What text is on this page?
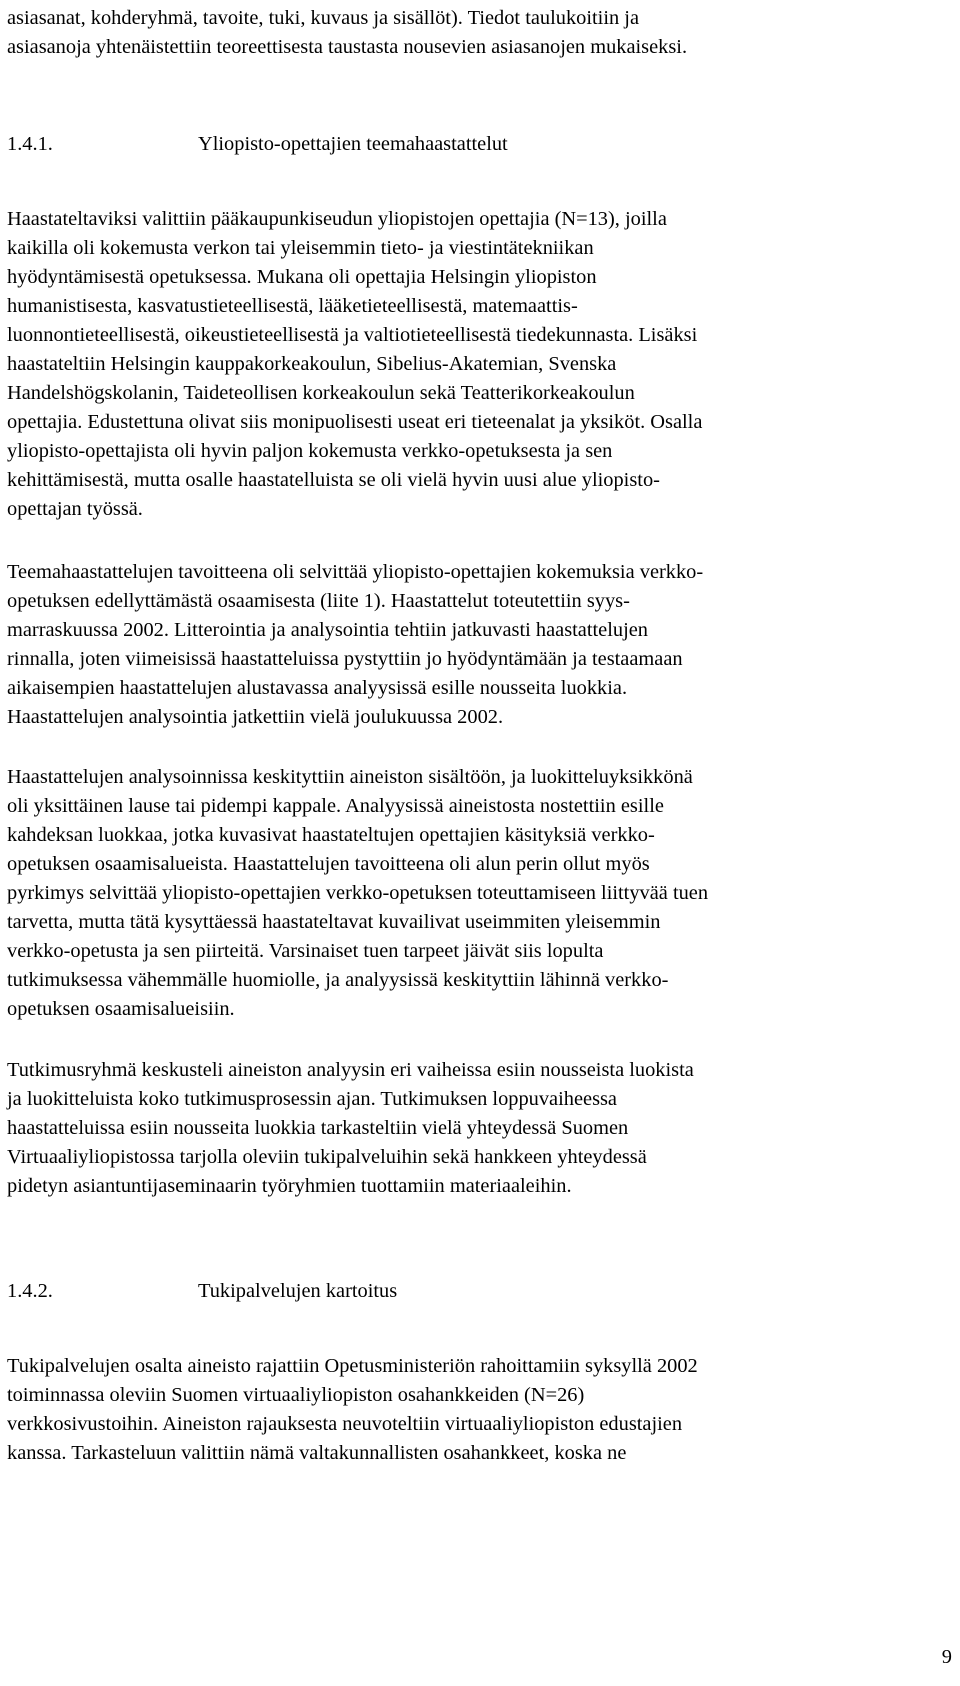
asiasanat, kohderyhmä, tavoite, tuki, kuvaus ja sisällöt). Tiedot taulukoitiin ja
asiasanoja yhtenäistettiin teoreettisesta taustasta nousevien asiasanojen mukaiseksi.

1.4.1.	Yliopisto-opettajien teemahaastattelut

Haastateltaviksi valittiin pääkaupunkiseudun yliopistojen opettajia (N=13), joilla
kaikilla oli kokemusta verkon tai yleisemmin tieto- ja viestintätekniikan
hyödyntämisestä opetuksessa. Mukana oli opettajia Helsingin yliopiston
humanistisesta, kasvatustieteellisestä, lääketieteellisestä, matemaattis-
luonnontieteellisestä, oikeustieteellisestä ja valtiotieteellisestä tiedekunnasta. Lisäksi
haastateltiin Helsingin kauppakorkeakoulun, Sibelius-Akatemian, Svenska
Handelshögskolanin, Taideteollisen korkeakoulun sekä Teatterikorkeakoulun
opettajia. Edustettuna olivat siis monipuolisesti useat eri tieteenalat ja yksiköt. Osalla
yliopisto-opettajista oli hyvin paljon kokemusta verkko-opetuksesta ja sen
kehittämisestä, mutta osalle haastatelluista se oli vielä hyvin uusi alue yliopisto-
opettajan työssä.

Teemahaastattelujen tavoitteena oli selvittää yliopisto-opettajien kokemuksia verkko-
opetuksen edellyttämästä osaamisesta (liite 1). Haastattelut toteutettiin syys-
marraskuussa 2002. Litterointia ja analysointia tehtiin jatkuvasti haastattelujen
rinnalla, joten viimeisissä haastatteluissa pystyttiin jo hyödyntämään ja testaamaan
aikaisempien haastattelujen alustavassa analyysissä esille nousseita luokkia.
Haastattelujen analysointia jatkettiin vielä joulukuussa 2002.

Haastattelujen analysoinnissa keskityttiin aineiston sisältöön, ja luokitteluyksikkönä
oli yksittäinen lause tai pidempi kappale. Analyysissä aineistosta nostettiin esille
kahdeksan luokkaa, jotka kuvasivat haastateltujen opettajien käsityksiä verkko-
opetuksen osaamisalueista. Haastattelujen tavoitteena oli alun perin ollut myös
pyrkimys selvittää yliopisto-opettajien verkko-opetuksen toteuttamiseen liittyvää tuen
tarvetta, mutta tätä kysyttäessä haastateltavat kuvailivat useimmiten yleisemmin
verkko-opetusta ja sen piirteitä. Varsinaiset tuen tarpeet jäivät siis lopulta
tutkimuksessa vähemmälle huomiolle, ja analyysissä keskityttiin lähinnä verkko-
opetuksen osaamisalueisiin.

Tutkimusryhmä keskusteli aineiston analyysin eri vaiheissa esiin nousseista luokista
ja luokitteluista koko tutkimusprosessin ajan. Tutkimuksen loppuvaiheessa
haastatteluissa esiin nousseita luokkia tarkasteltiin vielä yhteydessä Suomen
Virtuaaliyliopistossa tarjolla oleviin tukipalveluihin sekä hankkeen yhteydessä
pidetyn asiantuntijaseminaarin työryhmien tuottamiin materiaaleihin.

1.4.2.	Tukipalvelujen kartoitus

Tukipalvelujen osalta aineisto rajattiin Opetusministeriön rahoittamiin syksyllä 2002
toiminnassa oleviin Suomen virtuaaliyliopiston osahankkeiden (N=26)
verkkosivustoihin. Aineiston rajauksesta neuvoteltiin virtuaaliyliopiston edustajien
kanssa. Tarkasteluun valittiin nämä valtakunnallisten osahankkeet, koska ne

9
